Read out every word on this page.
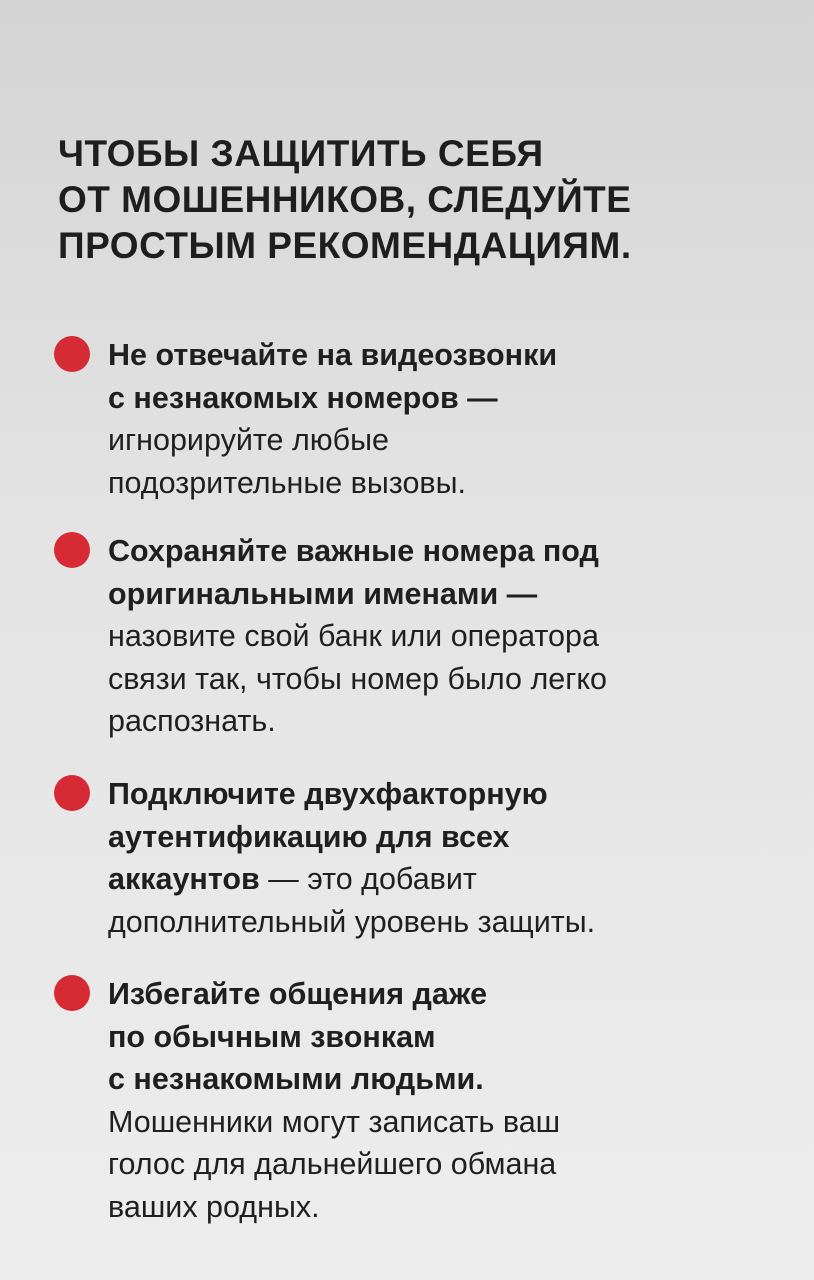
ЧТОБЫ ЗАЩИТИТЬ СЕБЯ
ОТ МОШЕННИКОВ, СЛЕДУЙТЕ
ПРОСТЫМ РЕКОМЕНДАЦИЯМ.

Не отвечайте на видеозвонки
с незнакомых номеров —
игнорируйте любые
подозрительные вызовы.

Сохраняйте важные номера под
оригинальными именами —
назовите свой банк или оператора
связи так, чтобы номер было легко
распознать.

Подключите двухфакторную
аутентификацию для всех
аккаунтов — это добавит
дополнительный уровень защиты.

Избегайте общения даже
по обычным звонкам
с незнакомыми людьми.
Мошенники могут записать ваш
голос для дальнейшего обмана
ваших родных.
